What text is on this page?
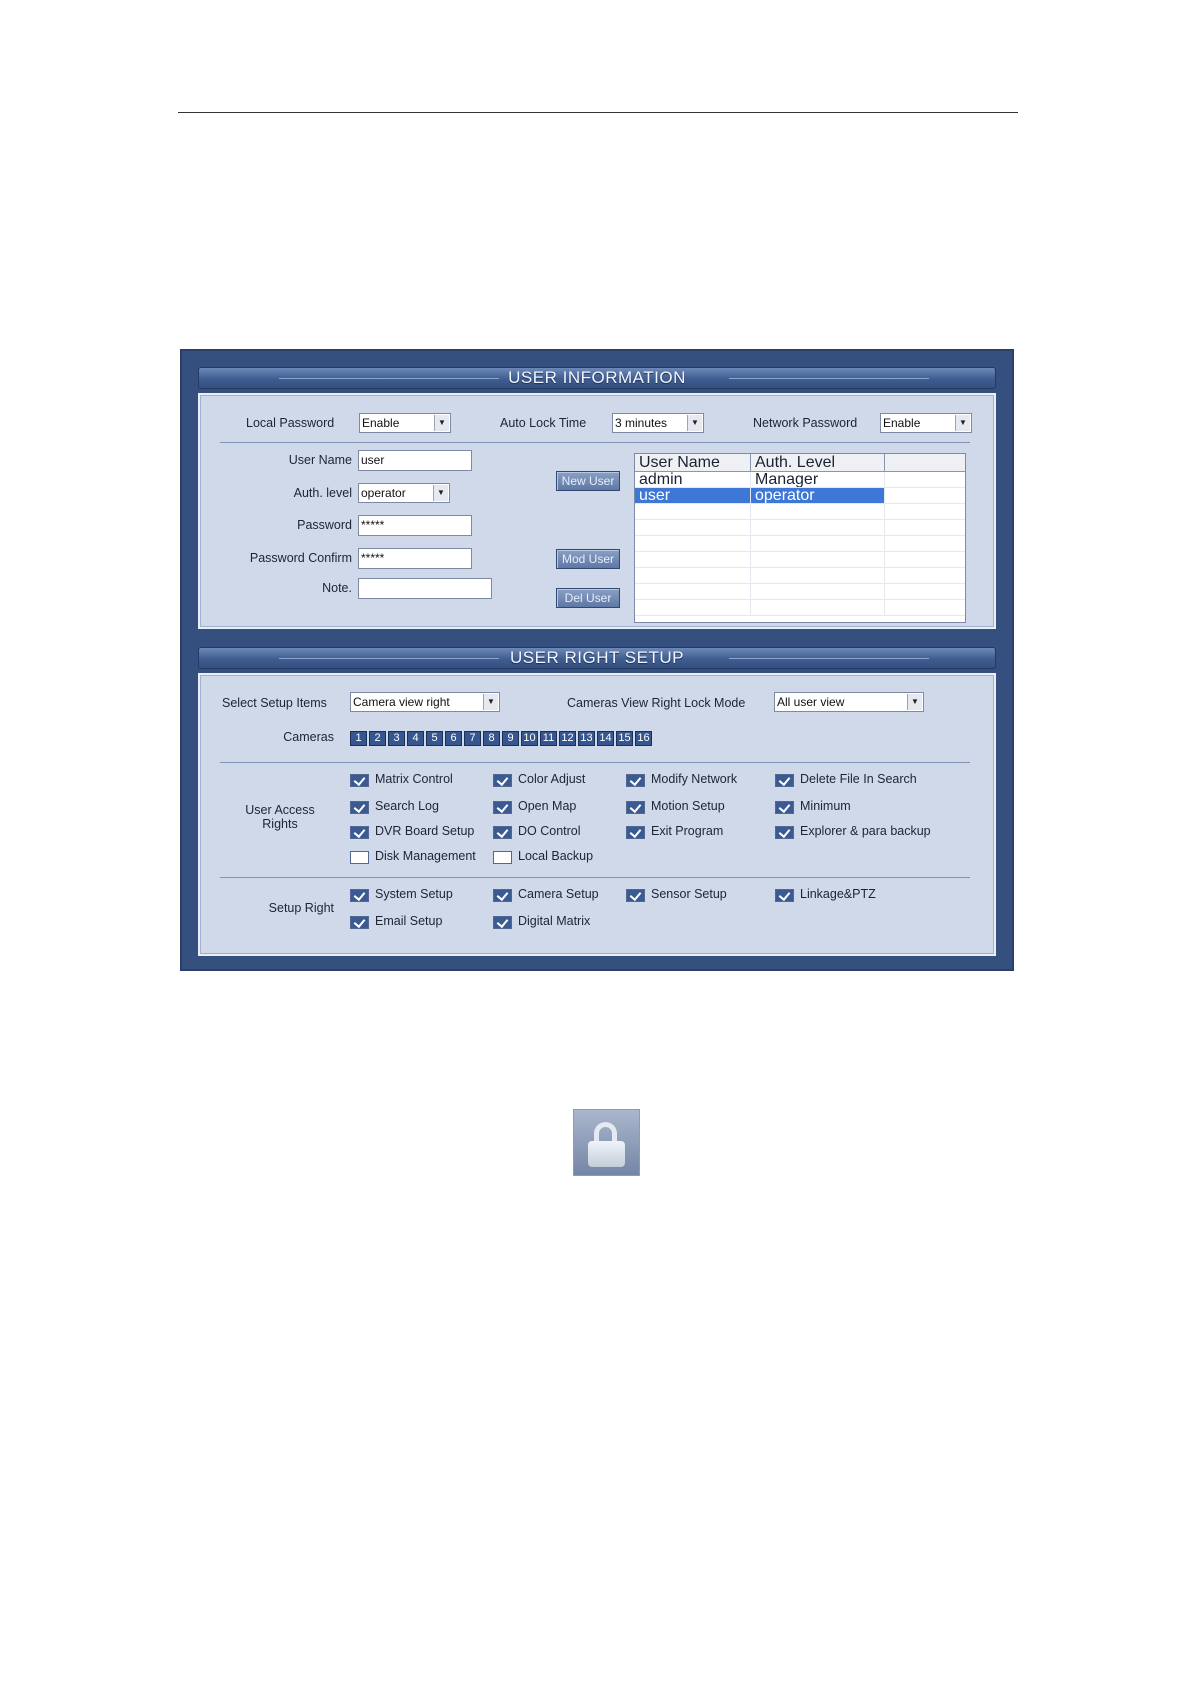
USER INFORMATION
Local Password Enable	▼	Auto Lock Time 3 minutes	▼	Network Password Enable	▼
User Name user
Auth. level operator	▼
Password *****
Password Confirm *****
Note.
New User
Mod User
Del User
User Name	Auth. Level
admin	Manager
user	operator
USER RIGHT SETUP
Select Setup Items Camera view right	▼	Cameras View Right Lock Mode	All user view	▼
Cameras	1	2	3	4	5	6	7	8	9 10 11 12 13 14 15 16
User Access Rights
Matrix Control	Color Adjust	Modify Network	Delete File In Search
Search Log	Open Map	Motion Setup	Minimum
DVR Board Setup	DO Control	Exit Program	Explorer & para backup
Disk Management	Local Backup
Setup Right
System Setup	Camera Setup	Sensor Setup	Linkage&PTZ
Email Setup	Digital Matrix
